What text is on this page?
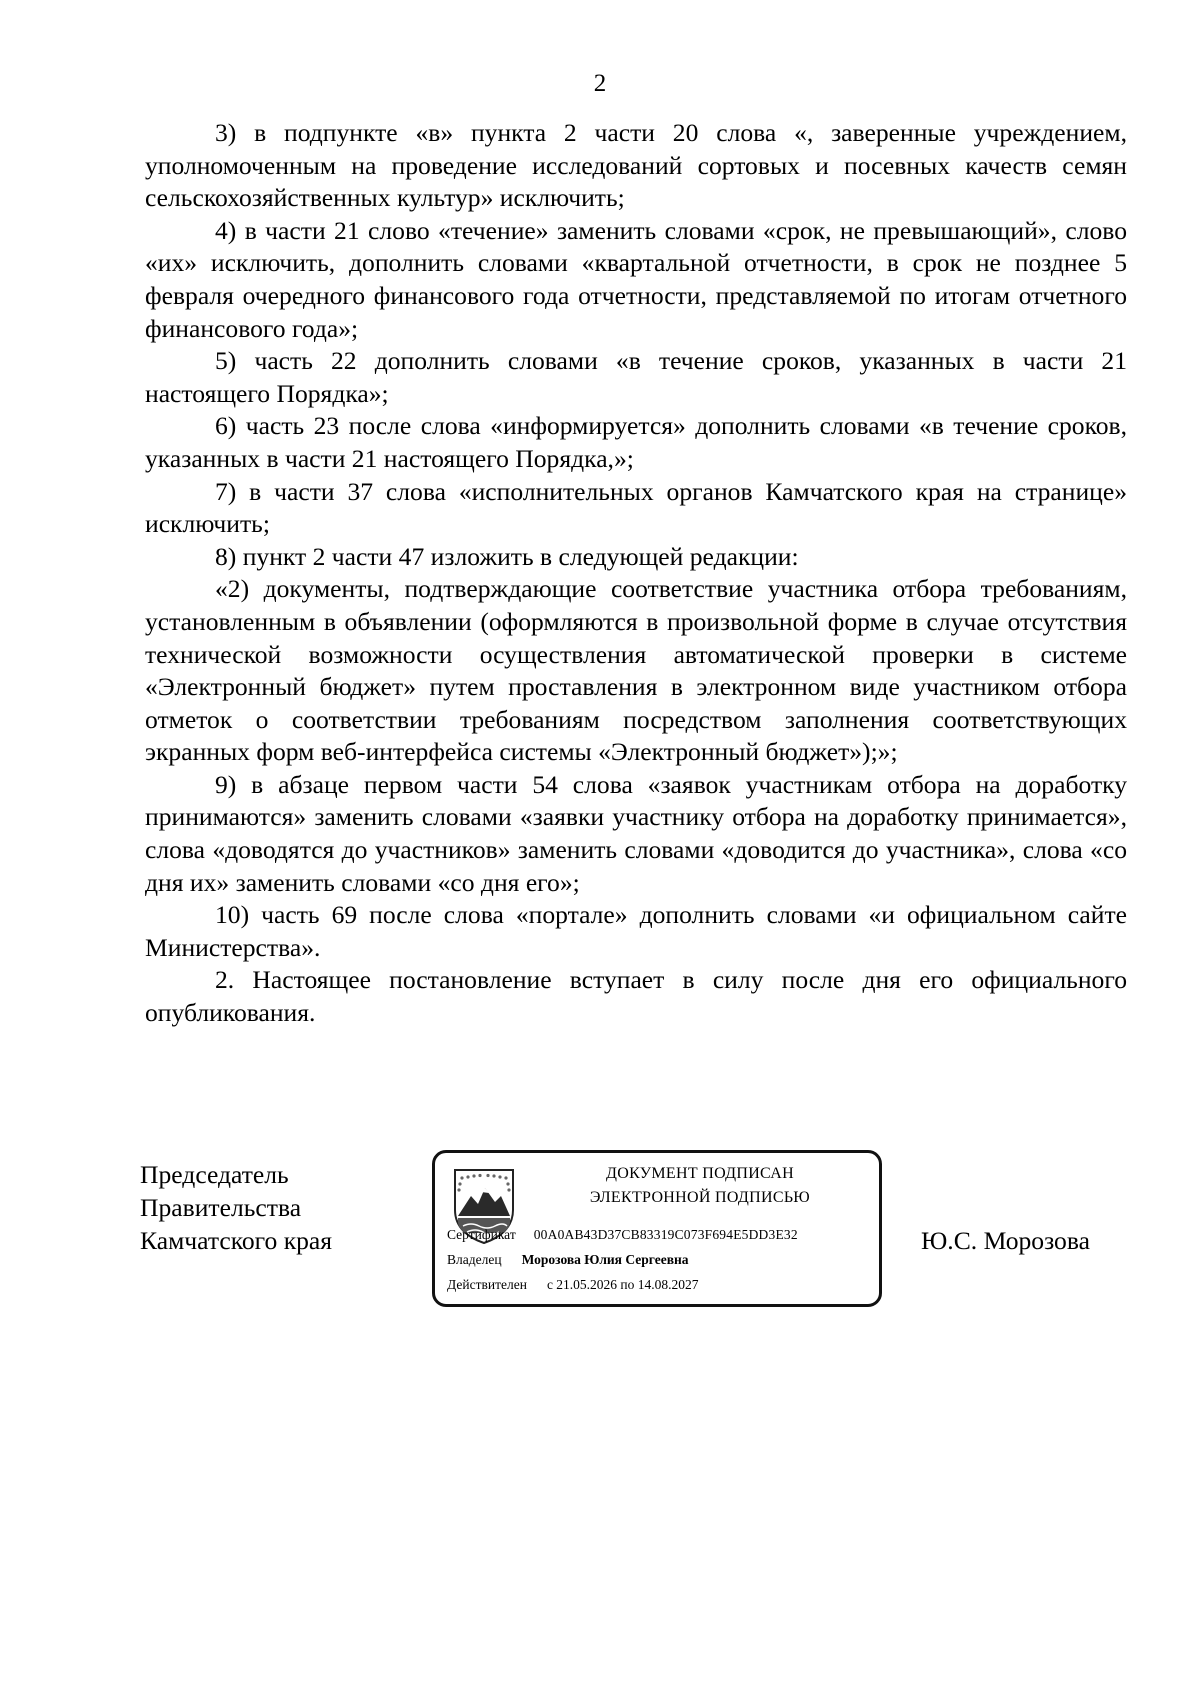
2

3) в подпункте «в» пункта 2 части 20 слова «, заверенные учреждением, уполномоченным на проведение исследований сортовых и посевных качеств семян сельскохозяйственных культур» исключить;

4) в части 21 слово «течение» заменить словами «срок, не превышающий», слово «их» исключить, дополнить словами «квартальной отчетности, в срок не позднее 5 февраля очередного финансового года отчетности, представляемой по итогам отчетного финансового года»;

5) часть 22 дополнить словами «в течение сроков, указанных в части 21 настоящего Порядка»;

6) часть 23 после слова «информируется» дополнить словами «в течение сроков, указанных в части 21 настоящего Порядка,»;

7) в части 37 слова «исполнительных органов Камчатского края на странице» исключить;

8) пункт 2 части 47 изложить в следующей редакции:

«2) документы, подтверждающие соответствие участника отбора требованиям, установленным в объявлении (оформляются в произвольной форме в случае отсутствия технической возможности осуществления автоматической проверки в системе «Электронный бюджет» путем проставления в электронном виде участником отбора отметок о соответствии требованиям посредством заполнения соответствующих экранных форм веб-интерфейса системы «Электронный бюджет»);»;

9) в абзаце первом части 54 слова «заявок участникам отбора на доработку принимаются» заменить словами «заявки участнику отбора на доработку принимается», слова «доводятся до участников» заменить словами «доводится до участника», слова «со дня их» заменить словами «со дня его»;

10) часть 69 после слова «портале» дополнить словами «и официальном сайте Министерства».

2. Настоящее постановление вступает в силу после дня его официального опубликования.

Председатель
Правительства
Камчатского края
ДОКУМЕНТ ПОДПИСАН
ЭЛЕКТРОННОЙ ПОДПИСЬЮ
Сертификат 00A0AB43D37CB83319C073F694E5DD3E32
Владелец Морозова Юлия Сергеевна
Действителен с 21.05.2026 по 14.08.2027
Ю.С. Морозова
